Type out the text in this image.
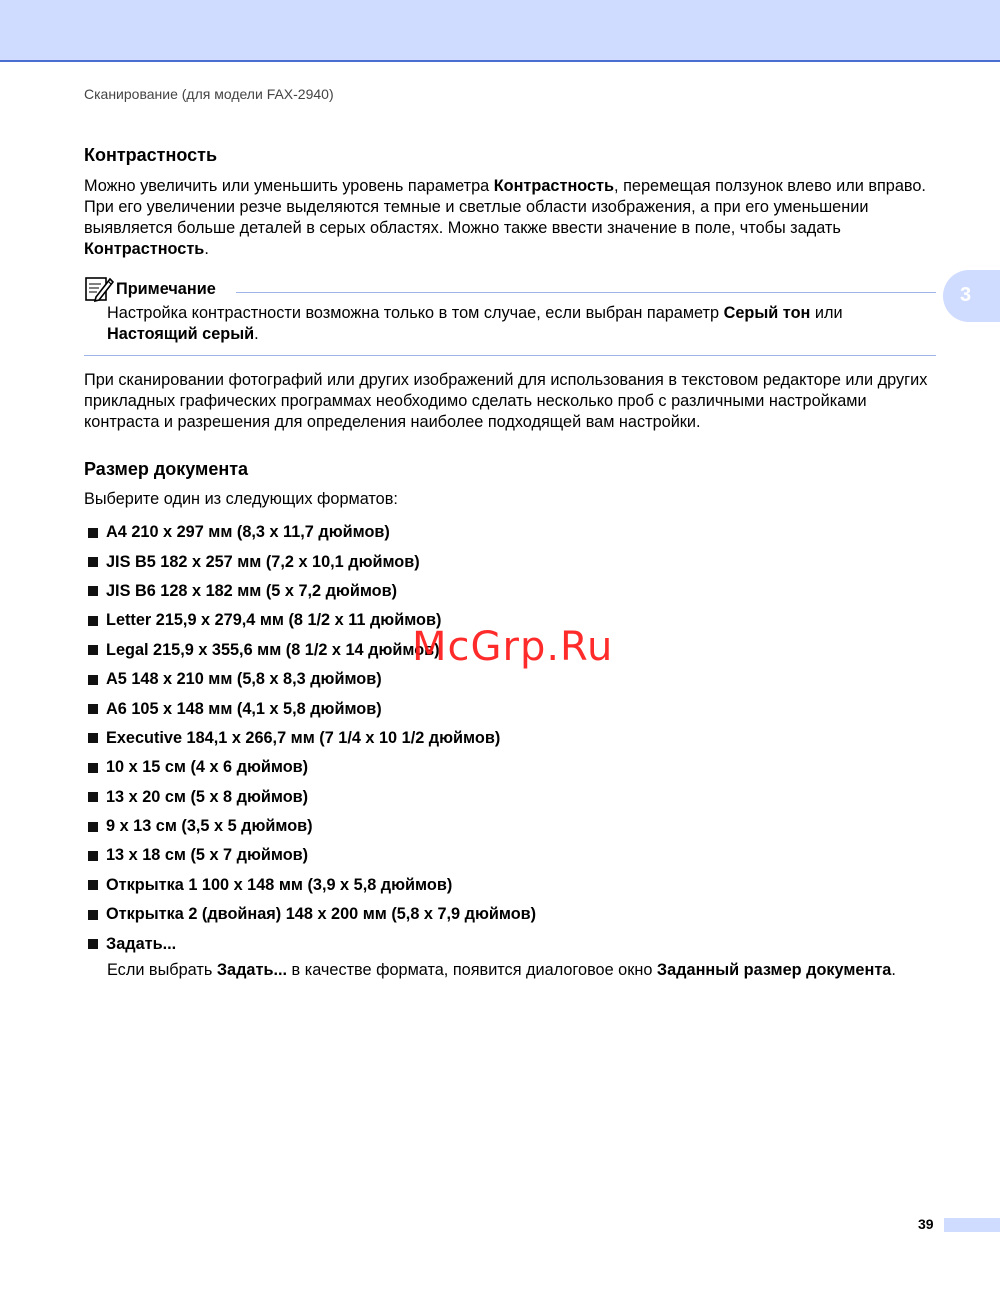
Сканирование (для модели FAX-2940)
3
Контрастность
Можно увеличить или уменьшить уровень параметра Контрастность, перемещая ползунок влево или вправо. При его увеличении резче выделяются темные и светлые области изображения, а при его уменьшении выявляется больше деталей в серых областях. Можно также ввести значение в поле, чтобы задать Контрастность.
Примечание
Настройка контрастности возможна только в том случае, если выбран параметр Серый тон или Настоящий серый.
При сканировании фотографий или других изображений для использования в текстовом редакторе или других прикладных графических программах необходимо сделать несколько проб с различными настройками контраста и разрешения для определения наиболее подходящей вам настройки.
Размер документа
Выберите один из следующих форматов:
A4 210 x 297 мм (8,3 x 11,7 дюймов)
JIS B5 182 x 257 мм (7,2 x 10,1 дюймов)
JIS B6 128 x 182 мм (5 x 7,2 дюймов)
Letter 215,9 x 279,4 мм (8 1/2 x 11 дюймов)
Legal 215,9 x 355,6 мм (8 1/2 x 14 дюймов)
A5 148 x 210 мм (5,8 x 8,3 дюймов)
A6 105 x 148 мм (4,1 x 5,8 дюймов)
Executive 184,1 x 266,7 мм (7 1/4 x 10 1/2 дюймов)
10 x 15 см (4 x 6 дюймов)
13 x 20 см (5 x 8 дюймов)
9 x 13 см (3,5 x 5 дюймов)
13 x 18 см (5 x 7 дюймов)
Открытка 1 100 x 148 мм (3,9 x 5,8 дюймов)
Открытка 2 (двойная) 148 x 200 мм (5,8 x 7,9 дюймов)
Задать...
Если выбрать Задать... в качестве формата, появится диалоговое окно Заданный размер документа.
McGrp.Ru
39
